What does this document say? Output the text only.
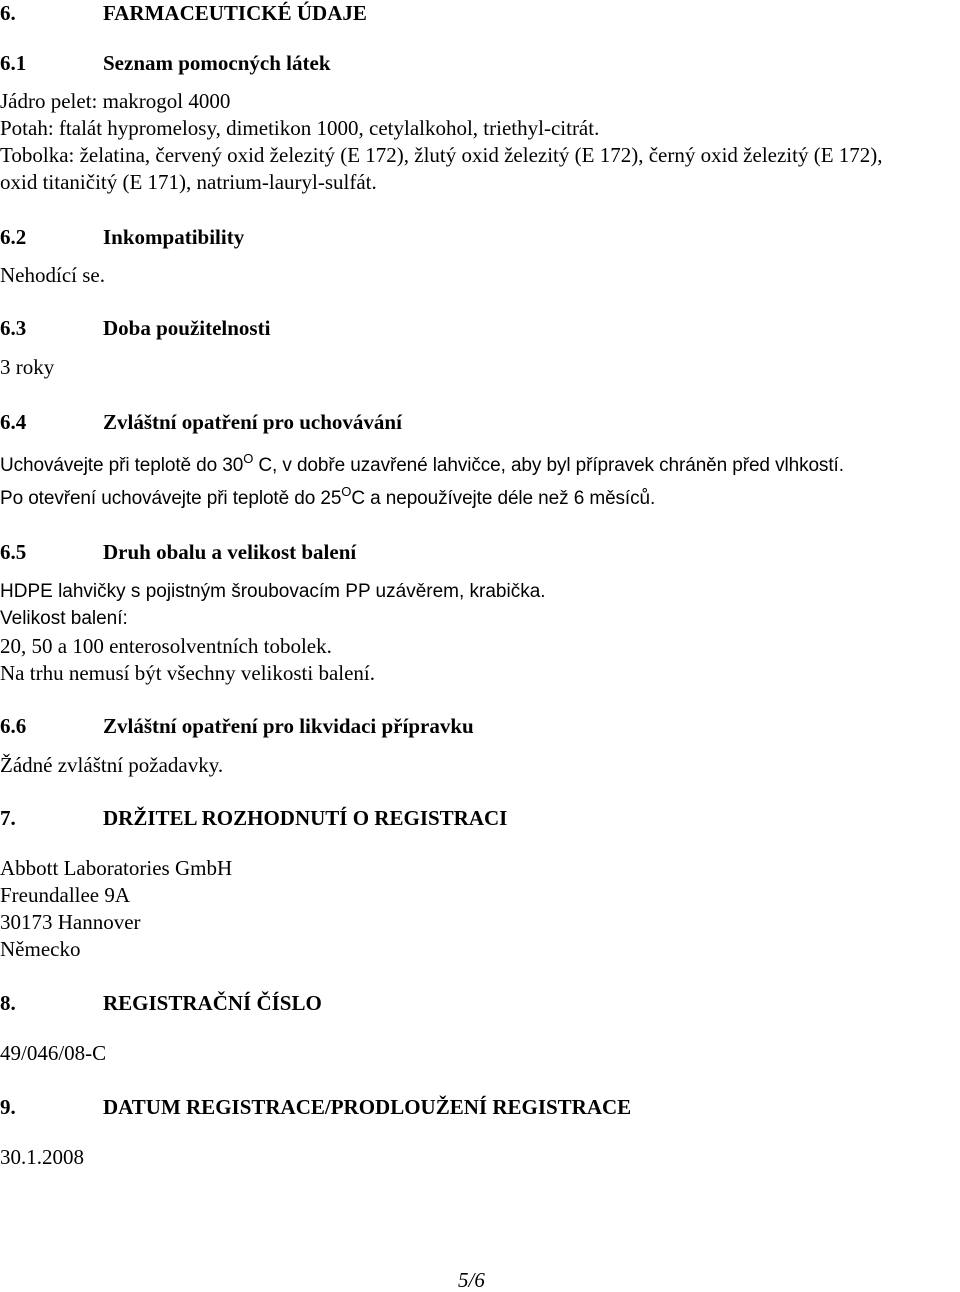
6.	FARMACEUTICKÉ ÚDAJE
6.1	Seznam pomocných látek
Jádro pelet: makrogol 4000
Potah: ftalát hypromelosy, dimetikon 1000, cetylalkohol, triethyl-citrát.
Tobolka: želatina, červený oxid železitý (E 172), žlutý oxid železitý (E 172), černý oxid železitý (E 172),
oxid titaničitý (E 171), natrium-lauryl-sulfát.
6.2	Inkompatibility
Nehodící se.
6.3	Doba použitelnosti
3 roky
6.4	Zvláštní opatření pro uchovávání
Uchovávejte při teplotě do $30^O$ C, v dobře uzavřené lahvičce, aby byl přípravek chráněn před vlhkostí.
Po otevření uchovávejte při teplotě do $25^OC$ a nepoužívejte déle než 6 měsíců.
6.5	Druh obalu a velikost balení
HDPE lahvičky s pojistným šroubovacím PP uzávěrem, krabička.
Velikost balení:
20, 50 a 100 enterosolventních tobolek.
Na trhu nemusí být všechny velikosti balení.
6.6	Zvláštní opatření pro likvidaci přípravku
Žádné zvláštní požadavky.
7.	DRŽITEL ROZHODNUTÍ O REGISTRACI
Abbott Laboratories GmbH
Freundallee 9A
30173 Hannover
Německo
8.	REGISTRAČNÍ ČÍSLO
49/046/08-C
9.	DATUM REGISTRACE/PRODLOUŽENÍ REGISTRACE
30.1.2008
5/6
